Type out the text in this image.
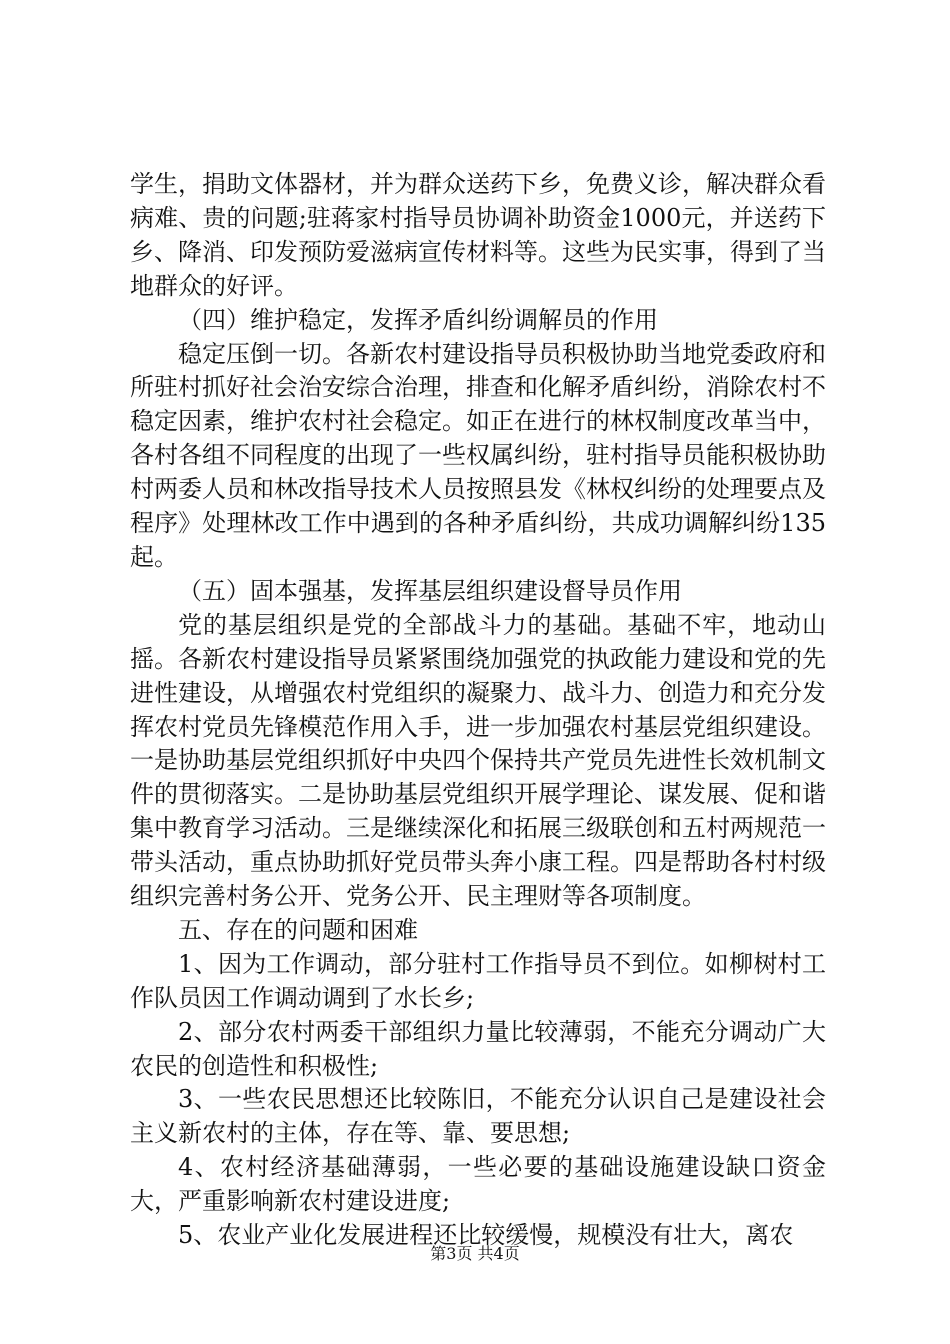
学生，捐助文体器材，并为群众送药下乡，免费义诊，解决群众看病难、贵的问题;驻蒋家村指导员协调补助资金1000元，并送药下乡、降消、印发预防爱滋病宣传材料等。这些为民实事，得到了当地群众的好评。

（四）维护稳定，发挥矛盾纠纷调解员的作用

稳定压倒一切。各新农村建设指导员积极协助当地党委政府和所驻村抓好社会治安综合治理，排查和化解矛盾纠纷，消除农村不稳定因素，维护农村社会稳定。如正在进行的林权制度改革当中，各村各组不同程度的出现了一些权属纠纷，驻村指导员能积极协助村两委人员和林改指导技术人员按照县发《林权纠纷的处理要点及程序》处理林改工作中遇到的各种矛盾纠纷，共成功调解纠纷135起。

（五）固本强基，发挥基层组织建设督导员作用

党的基层组织是党的全部战斗力的基础。基础不牢，地动山摇。各新农村建设指导员紧紧围绕加强党的执政能力建设和党的先进性建设，从增强农村党组织的凝聚力、战斗力、创造力和充分发挥农村党员先锋模范作用入手，进一步加强农村基层党组织建设。一是协助基层党组织抓好中央四个保持共产党员先进性长效机制文件的贯彻落实。二是协助基层党组织开展学理论、谋发展、促和谐集中教育学习活动。三是继续深化和拓展三级联创和五村两规范一带头活动，重点协助抓好党员带头奔小康工程。四是帮助各村村级组织完善村务公开、党务公开、民主理财等各项制度。

五、存在的问题和困难

1、因为工作调动，部分驻村工作指导员不到位。如柳树村工作队员因工作调动调到了水长乡;

2、部分农村两委干部组织力量比较薄弱，不能充分调动广大农民的创造性和积极性;

3、一些农民思想还比较陈旧，不能充分认识自己是建设社会主义新农村的主体，存在等、靠、要思想;

4、农村经济基础薄弱，一些必要的基础设施建设缺口资金大，严重影响新农村建设进度;

5、农业产业化发展进程还比较缓慢，规模没有壮大，离农

第3页 共4页
